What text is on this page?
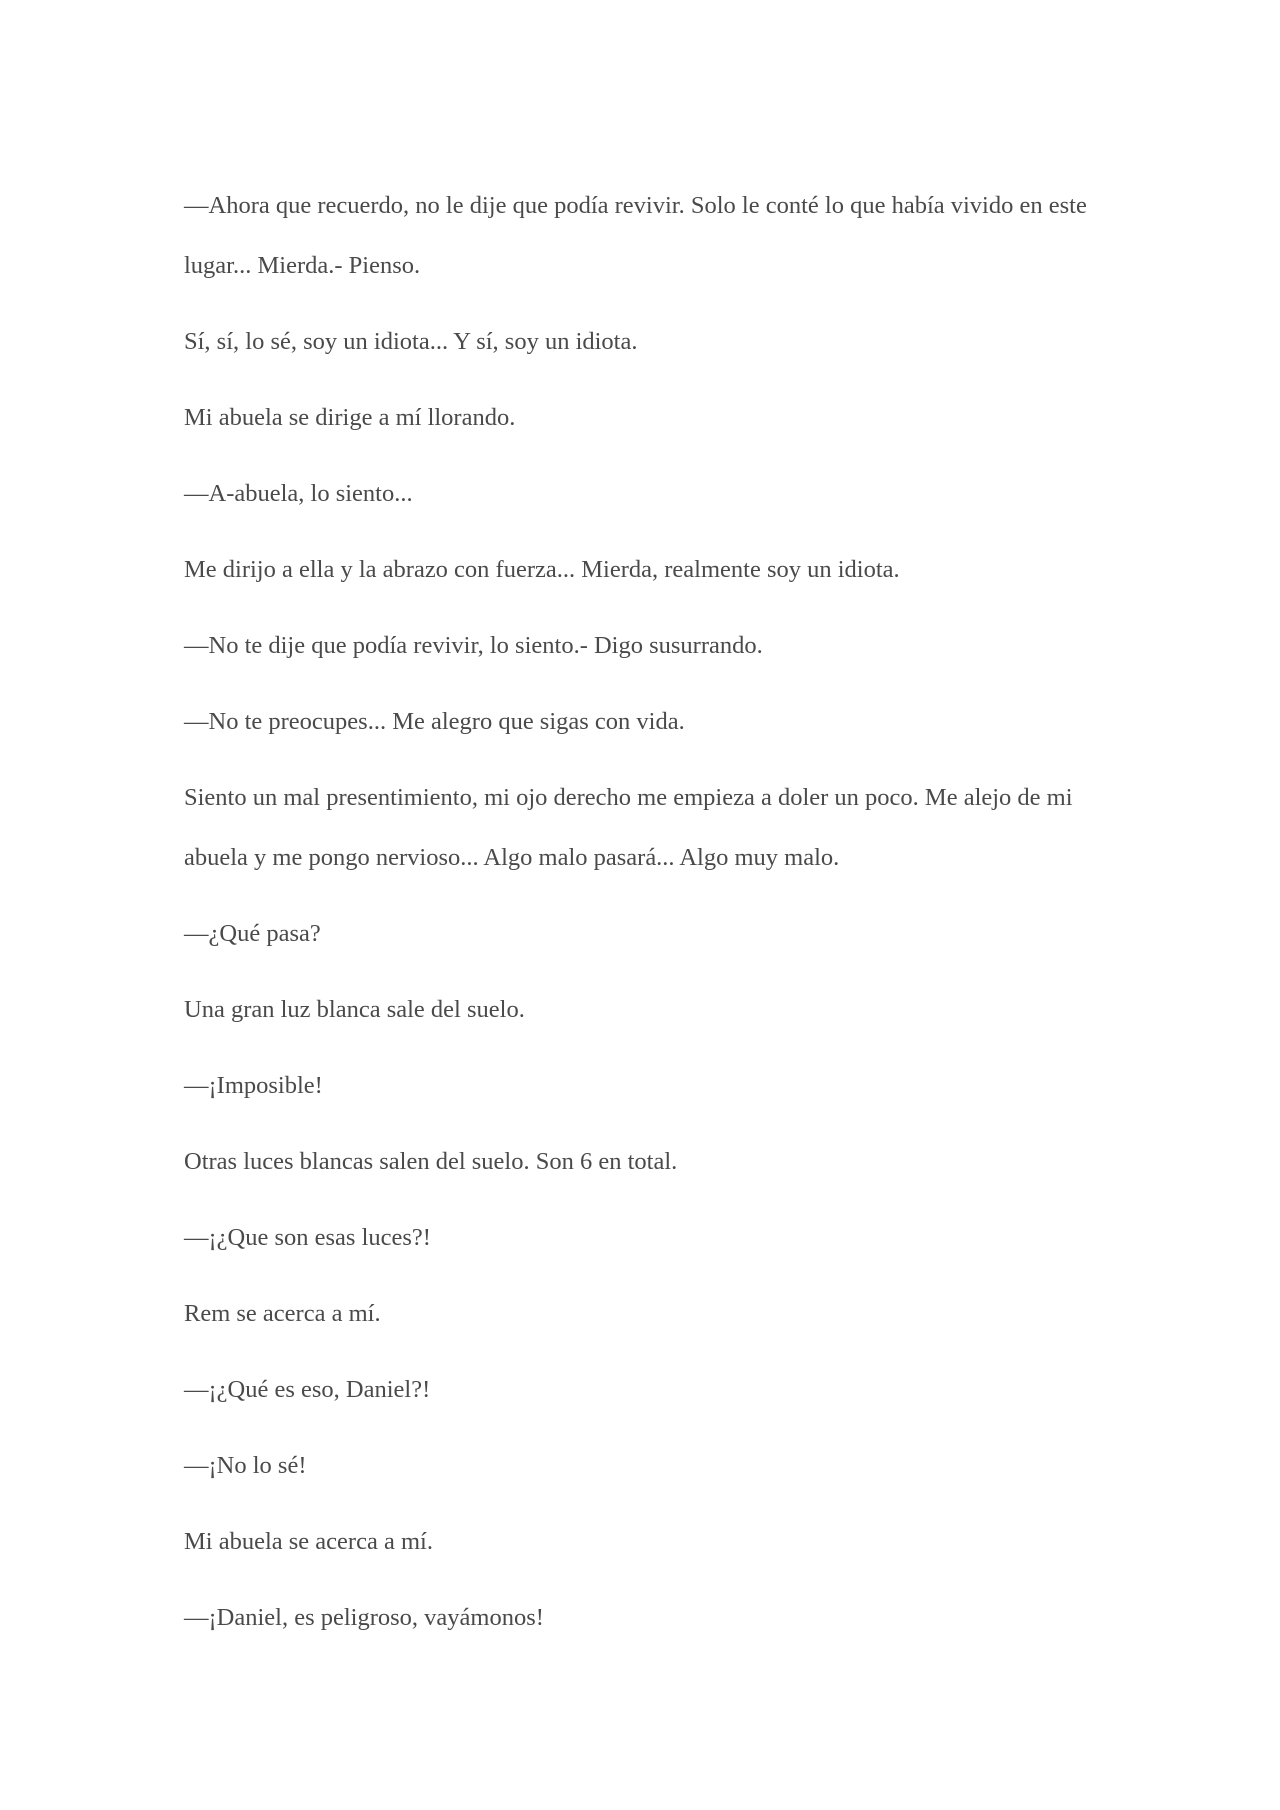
—Ahora que recuerdo, no le dije que podía revivir. Solo le conté lo que había vivido en este lugar... Mierda.- Pienso.

Sí, sí, lo sé, soy un idiota... Y sí, soy un idiota.

Mi abuela se dirige a mí llorando.

—A-abuela, lo siento...

Me dirijo a ella y la abrazo con fuerza... Mierda, realmente soy un idiota.

—No te dije que podía revivir, lo siento.- Digo susurrando.

—No te preocupes... Me alegro que sigas con vida.

Siento un mal presentimiento, mi ojo derecho me empieza a doler un poco. Me alejo de mi abuela y me pongo nervioso... Algo malo pasará... Algo muy malo.

—¿Qué pasa?

Una gran luz blanca sale del suelo.

—¡Imposible!

Otras luces blancas salen del suelo. Son 6 en total.

—¡¿Que son esas luces?!

Rem se acerca a mí.

—¡¿Qué es eso, Daniel?!

—¡No lo sé!

Mi abuela se acerca a mí.

—¡Daniel, es peligroso, vayámonos!
